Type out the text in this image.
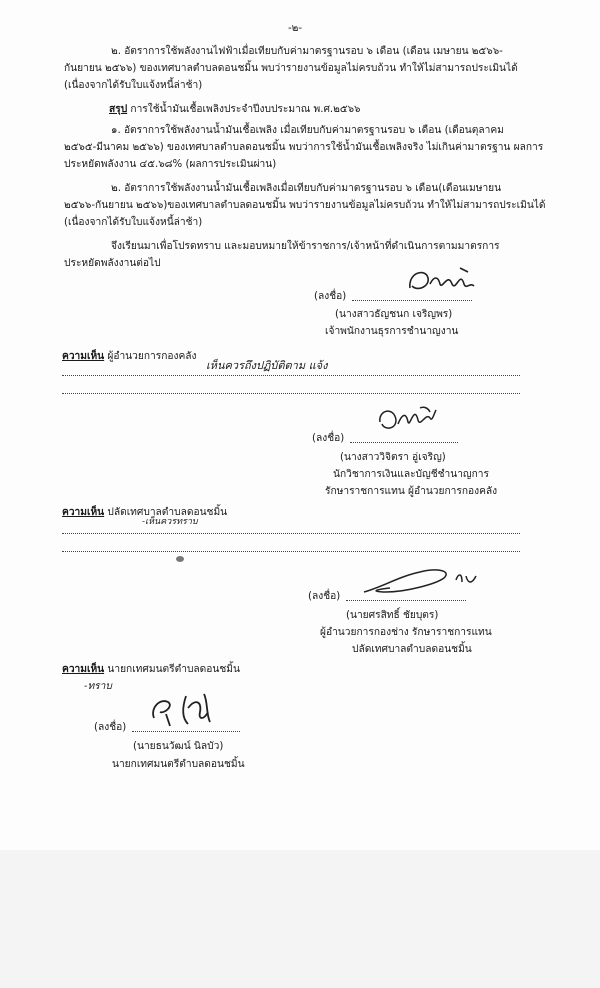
-๒-
๒. อัตราการใช้พลังงานไฟฟ้าเมื่อเทียบกับค่ามาตรฐานรอบ ๖ เดือน (เดือน เมษายน ๒๕๖๖-
กันยายน ๒๕๖๖) ของเทศบาลตำบลดอนชมิ้น พบว่ารายงานข้อมูลไม่ครบถ้วน ทำให้ไม่สามารถประเมินได้
(เนื่องจากได้รับใบแจ้งหนี้ล่าช้า)
สรุป การใช้น้ำมันเชื้อเพลิงประจำปีงบประมาณ พ.ศ.๒๕๖๖
๑. อัตราการใช้พลังงานน้ำมันเชื้อเพลิง เมื่อเทียบกับค่ามาตรฐานรอบ ๖ เดือน (เดือนตุลาคม
๒๕๖๕-มีนาคม ๒๕๖๖) ของเทศบาลตำบลดอนชมิ้น พบว่าการใช้น้ำมันเชื้อเพลิงจริง ไม่เกินค่ามาตรฐาน ผลการ
ประหยัดพลังงาน ๔๕.๖๘% (ผลการประเมินผ่าน)
๒. อัตราการใช้พลังงานน้ำมันเชื้อเพลิงเมื่อเทียบกับค่ามาตรฐานรอบ ๖ เดือน(เดือนเมษายน
๒๕๖๖-กันยายน ๒๕๖๖)ของเทศบาลตำบลดอนชมิ้น พบว่ารายงานข้อมูลไม่ครบถ้วน ทำให้ไม่สามารถประเมินได้
(เนื่องจากได้รับใบแจ้งหนี้ล่าช้า)
จึงเรียนมาเพื่อโปรดทราบ และมอบหมายให้ข้าราชการ/เจ้าหน้าที่ดำเนินการตามมาตรการ
ประหยัดพลังงานต่อไป
(ลงชื่อ)
(นางสาวธัญชนก เจริญพร)
เจ้าพนักงานธุรการชำนาญงาน
ความเห็น ผู้อำนวยการกองคลัง
เห็นควรถึงปฏิบัติตาม แจ้ง
(ลงชื่อ)
(นางสาววิจิตรา อู่เจริญ)
นักวิชาการเงินและบัญชีชำนาญการ
รักษาราชการแทน ผู้อำนวยการกองคลัง
ความเห็น ปลัดเทศบาลตำบลดอนชมิ้น
-เห็นควรทราบ
(ลงชื่อ)
(นายศรสิทธิ์ ชัยบุตร)
ผู้อำนวยการกองช่าง รักษาราชการแทน
ปลัดเทศบาลตำบลดอนชมิ้น
ความเห็น นายกเทศมนตรีตำบลดอนชมิ้น
-ทราบ
(ลงชื่อ)
(นายธนวัฒน์ นิลบัว)
นายกเทศมนตรีตำบลดอนชมิ้น
